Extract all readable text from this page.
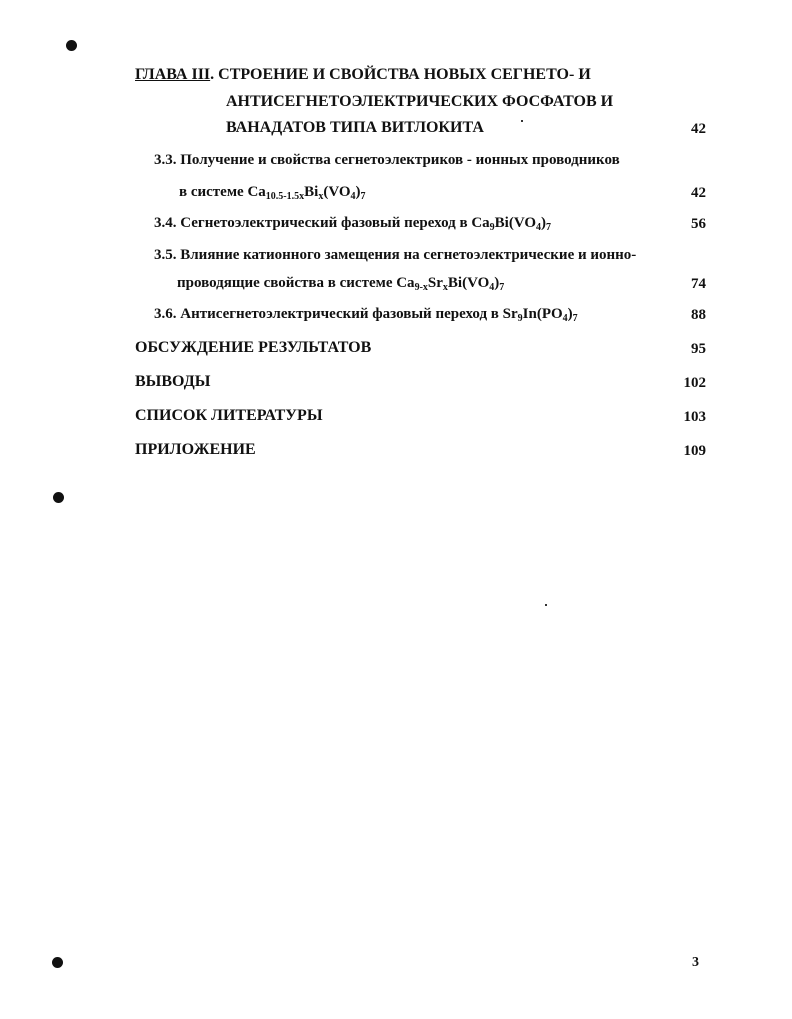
ГЛАВА III. СТРОЕНИЕ И СВОЙСТВА НОВЫХ СЕГНЕТО- И
АНТИСЕГНЕТОЭЛЕКТРИЧЕСКИХ ФОСФАТОВ И
ВАНАДАТОВ ТИПА ВИТЛОКИТА	42
3.3. Получение и свойства сегнетоэлектриков - ионных проводников
в системе $Ca_{10.5-1.5x}Bi_x(VO_4)_7$	42
3.4. Сегнетоэлектрический фазовый переход в $Ca_9Bi(VO_4)_7$	56
3.5. Влияние катионного замещения на сегнетоэлектрические и ионно-
проводящие свойства в системе $Ca_{9-x}Sr_xBi(VO_4)_7$	74
3.6. Антисегнетоэлектрический фазовый переход в $Sr_9In(PO_4)_7$	88
ОБСУЖДЕНИЕ РЕЗУЛЬТАТОВ	95
ВЫВОДЫ	102
СПИСОК ЛИТЕРАТУРЫ	103
ПРИЛОЖЕНИЕ	109
3
